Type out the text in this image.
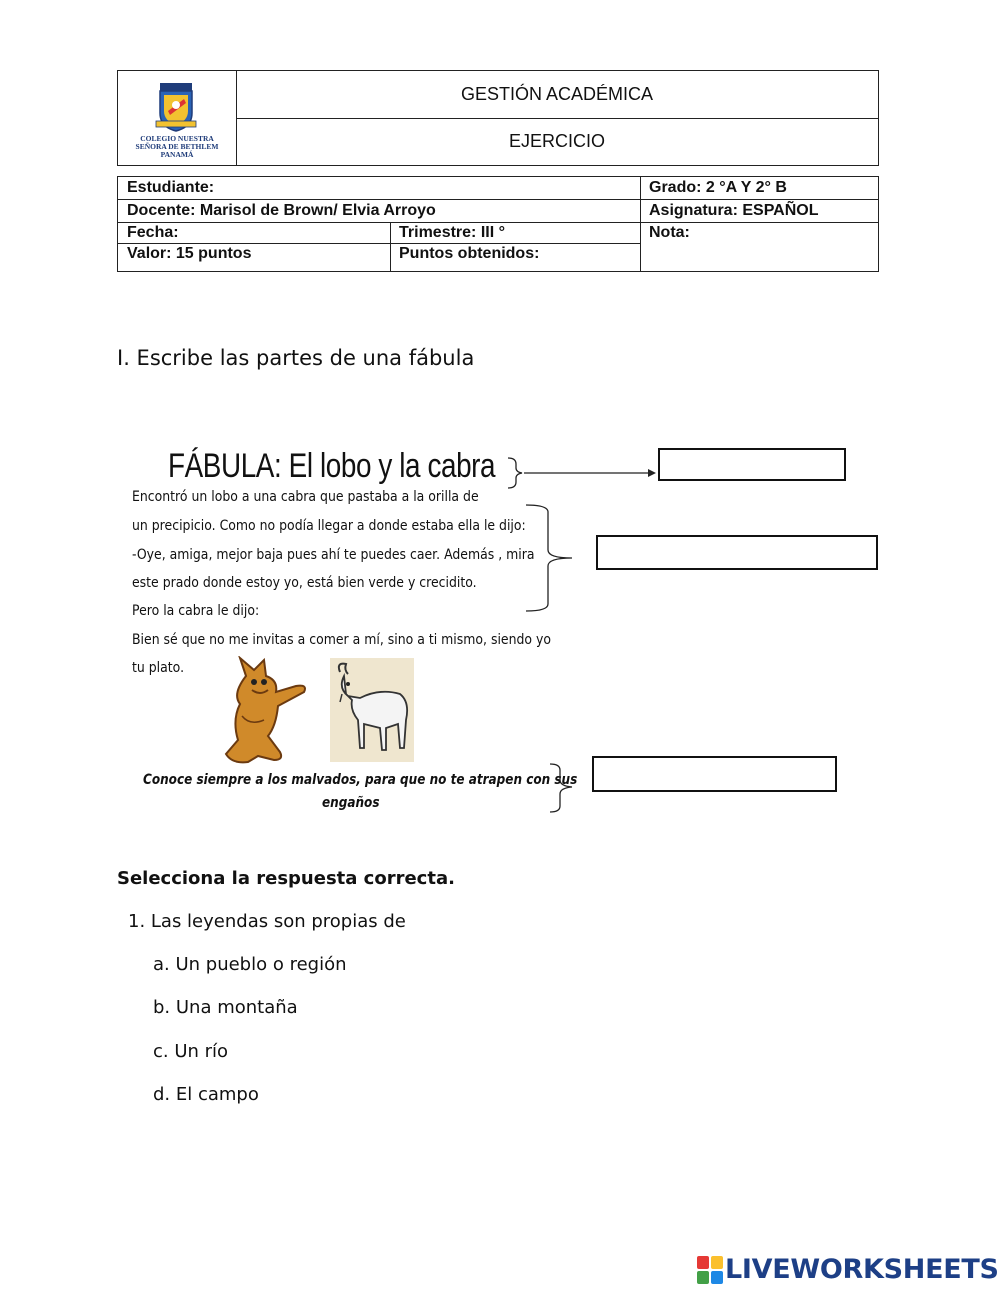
COLEGIO NUESTRA
SEÑORA DE BETHLEM
PANAMÁ
GESTIÓN ACADÉMICA
EJERCICIO
Estudiante:	Grado: 2 °A Y 2° B
Docente: Marisol de Brown/ Elvia Arroyo	Asignatura: ESPAÑOL
Fecha:	Trimestre: III °	Nota:
Valor: 15 puntos	Puntos obtenidos:
I. Escribe las partes de una fábula
FÁBULA: El lobo y la cabra
Encontró un lobo a una cabra que pastaba a la orilla de
un precipicio. Como no podía llegar a donde estaba ella le dijo:
-Oye, amiga, mejor baja pues ahí te puedes caer. Además , mira
este prado donde estoy yo, está bien verde y crecidito.
Pero la cabra le dijo:
Bien sé que no me invitas a comer a mí, sino a ti mismo, siendo yo
tu plato.
Conoce siempre a los malvados, para que no te atrapen con sus
engaños
Selecciona la respuesta correcta.
1. Las leyendas son propias de
a. Un pueblo o región
b. Una montaña
c. Un río
d. El campo
LIVEWORKSHEETS
